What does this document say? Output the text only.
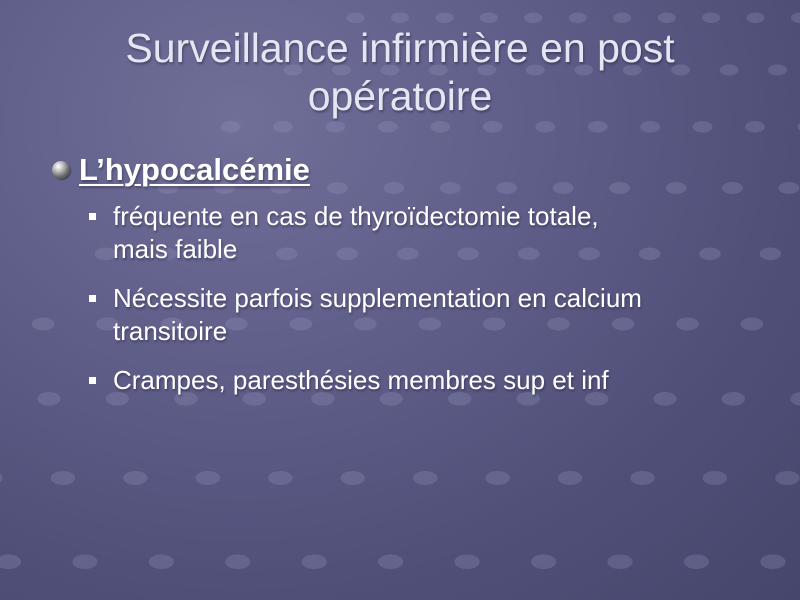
Surveillance infirmière en post
opératoire
L’hypocalcémie
fréquente en cas de thyroïdectomie totale,
mais faible
Nécessite parfois supplementation en calcium
transitoire
Crampes, paresthésies membres sup et inf
